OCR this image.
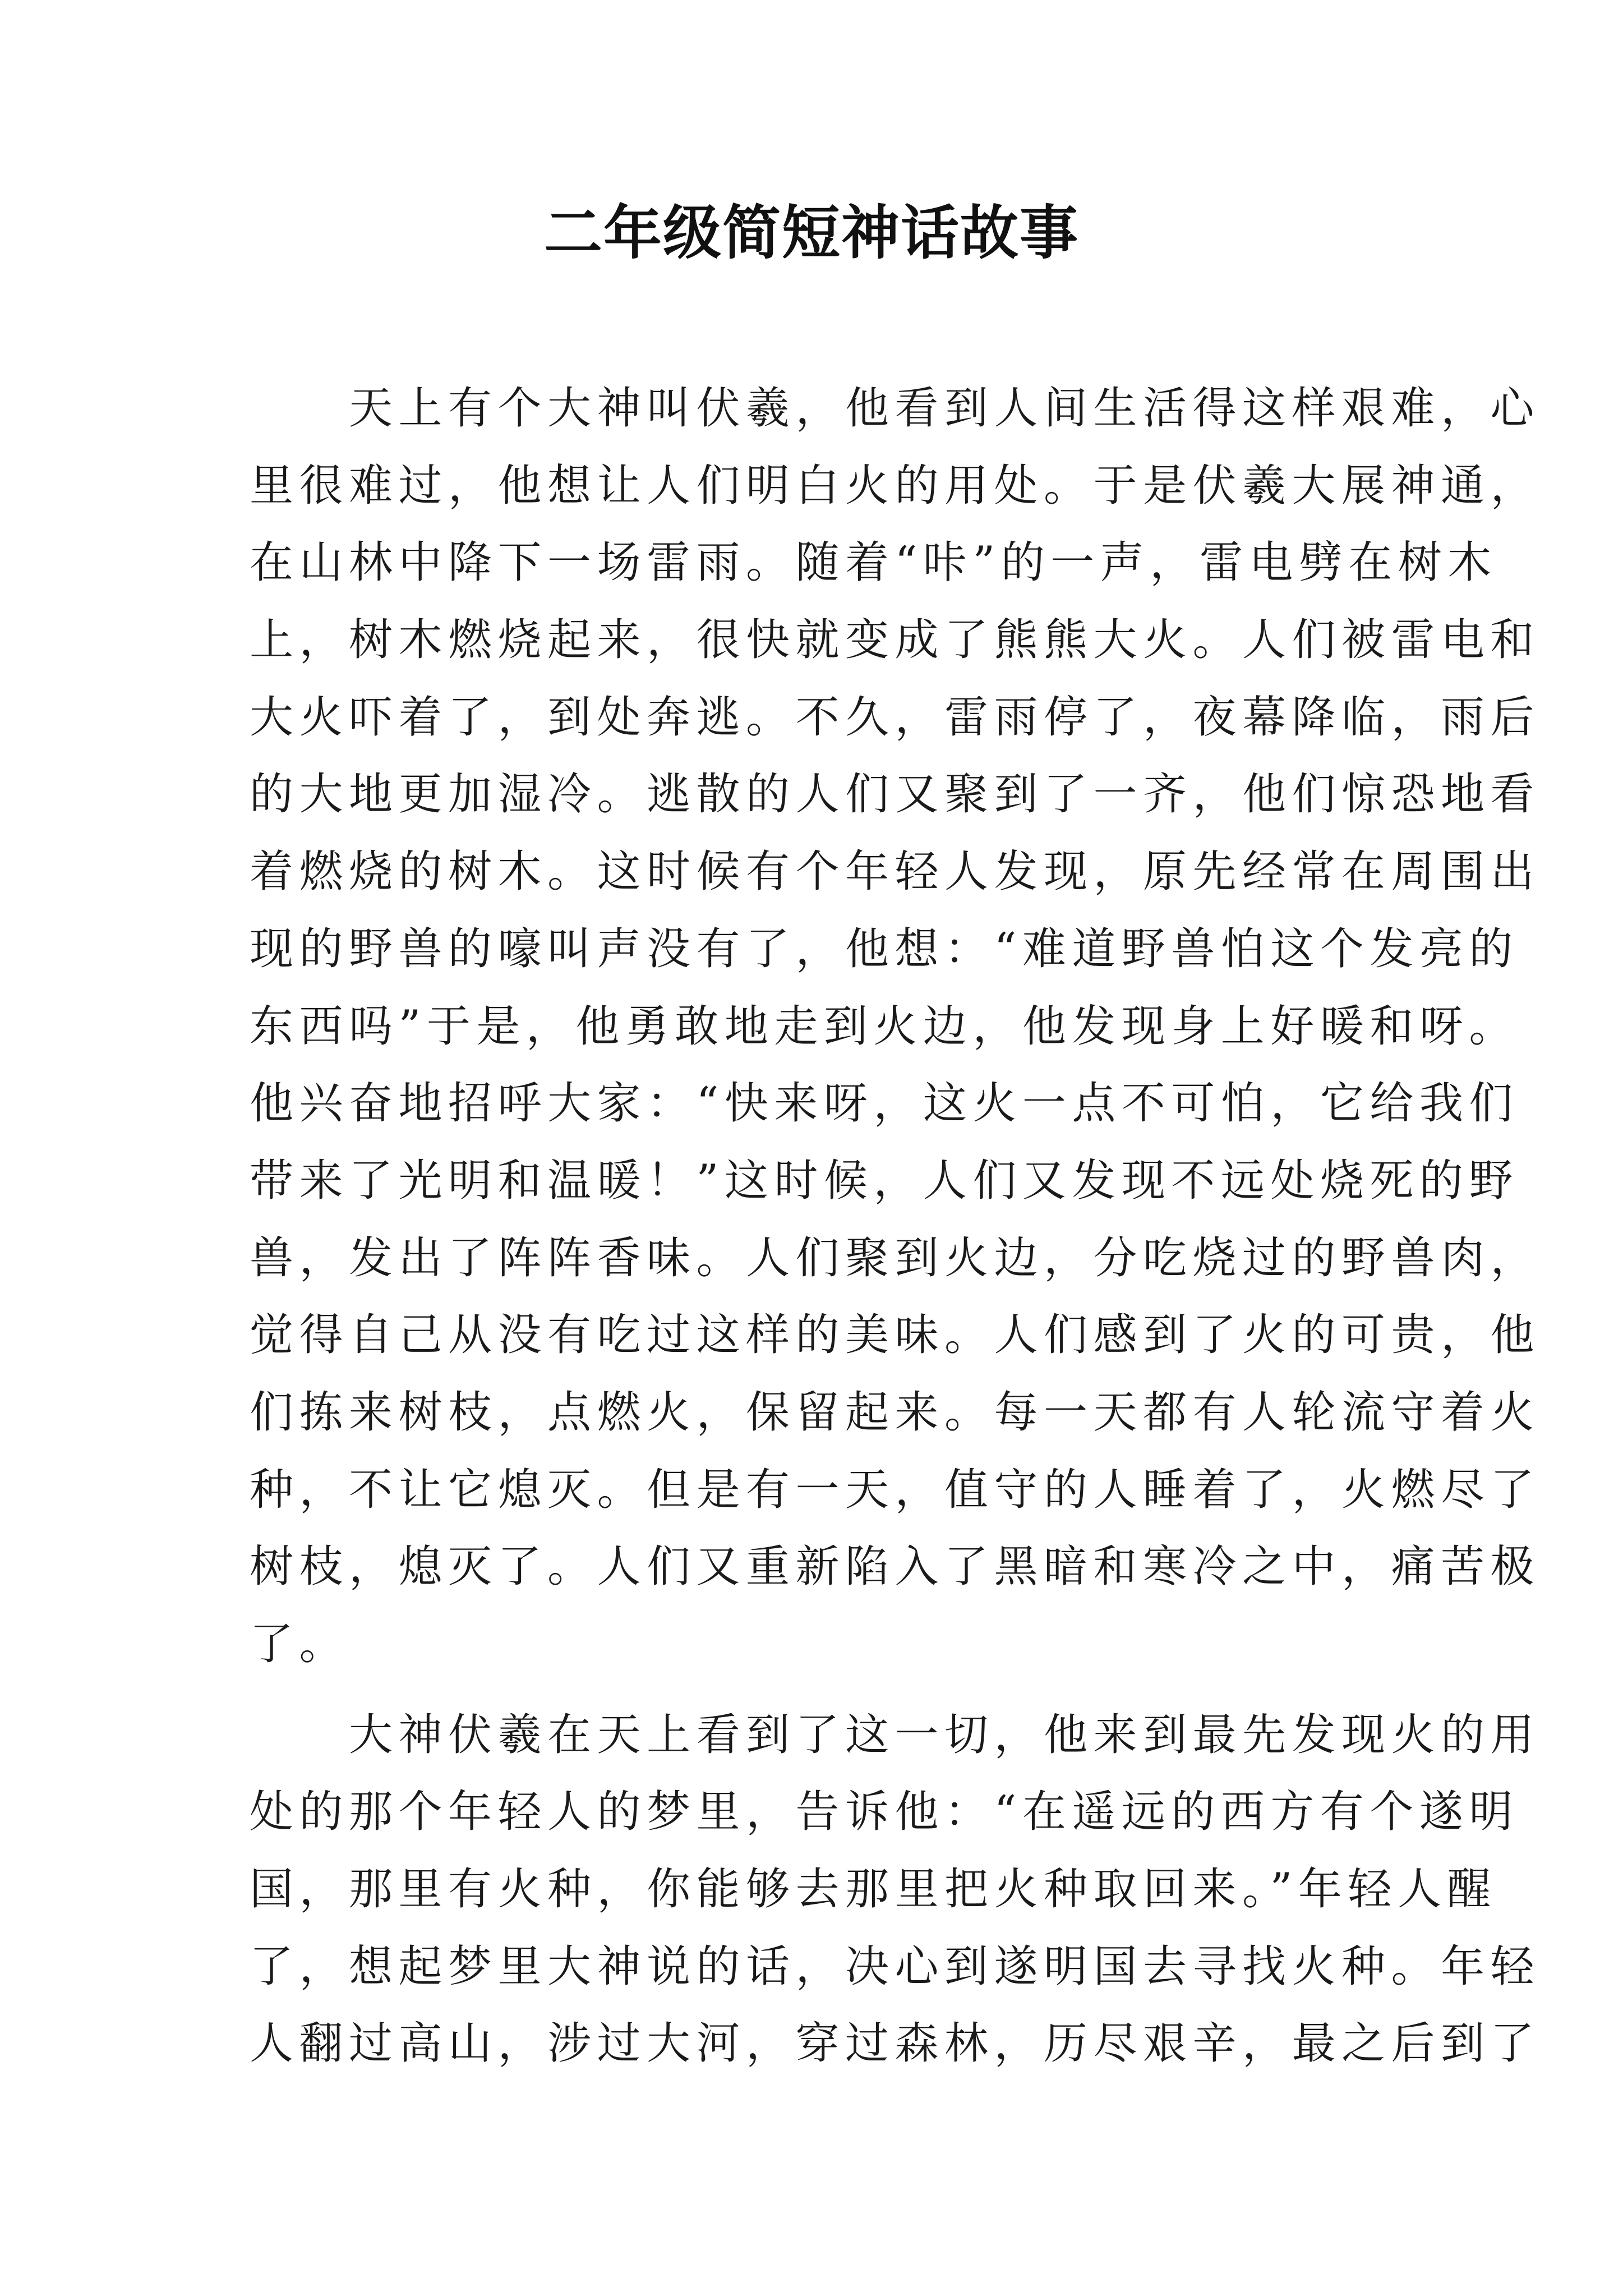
二年级简短神话故事
　　天上有个大神叫伏羲，他看到人间生活得这样艰难，心
里很难过，他想让人们明白火的用处。于是伏羲大展神通，
在山林中降下一场雷雨。随着“咔”的一声，雷电劈在树木
上，树木燃烧起来，很快就变成了熊熊大火。人们被雷电和
大火吓着了，到处奔逃。不久，雷雨停了，夜幕降临，雨后
的大地更加湿冷。逃散的人们又聚到了一齐，他们惊恐地看
着燃烧的树木。这时候有个年轻人发现，原先经常在周围出
现的野兽的嚎叫声没有了，他想：“难道野兽怕这个发亮的
东西吗”于是，他勇敢地走到火边，他发现身上好暖和呀。
他兴奋地招呼大家：“快来呀，这火一点不可怕，它给我们
带来了光明和温暖！”这时候，人们又发现不远处烧死的野
兽，发出了阵阵香味。人们聚到火边，分吃烧过的野兽肉，
觉得自己从没有吃过这样的美味。人们感到了火的可贵，他
们拣来树枝，点燃火，保留起来。每一天都有人轮流守着火
种，不让它熄灭。但是有一天，值守的人睡着了，火燃尽了
树枝，熄灭了。人们又重新陷入了黑暗和寒冷之中，痛苦极
了。
　　大神伏羲在天上看到了这一切，他来到最先发现火的用
处的那个年轻人的梦里，告诉他：“在遥远的西方有个遂明
国，那里有火种，你能够去那里把火种取回来。”年轻人醒
了，想起梦里大神说的话，决心到遂明国去寻找火种。年轻
人翻过高山，涉过大河，穿过森林，历尽艰辛，最之后到了
